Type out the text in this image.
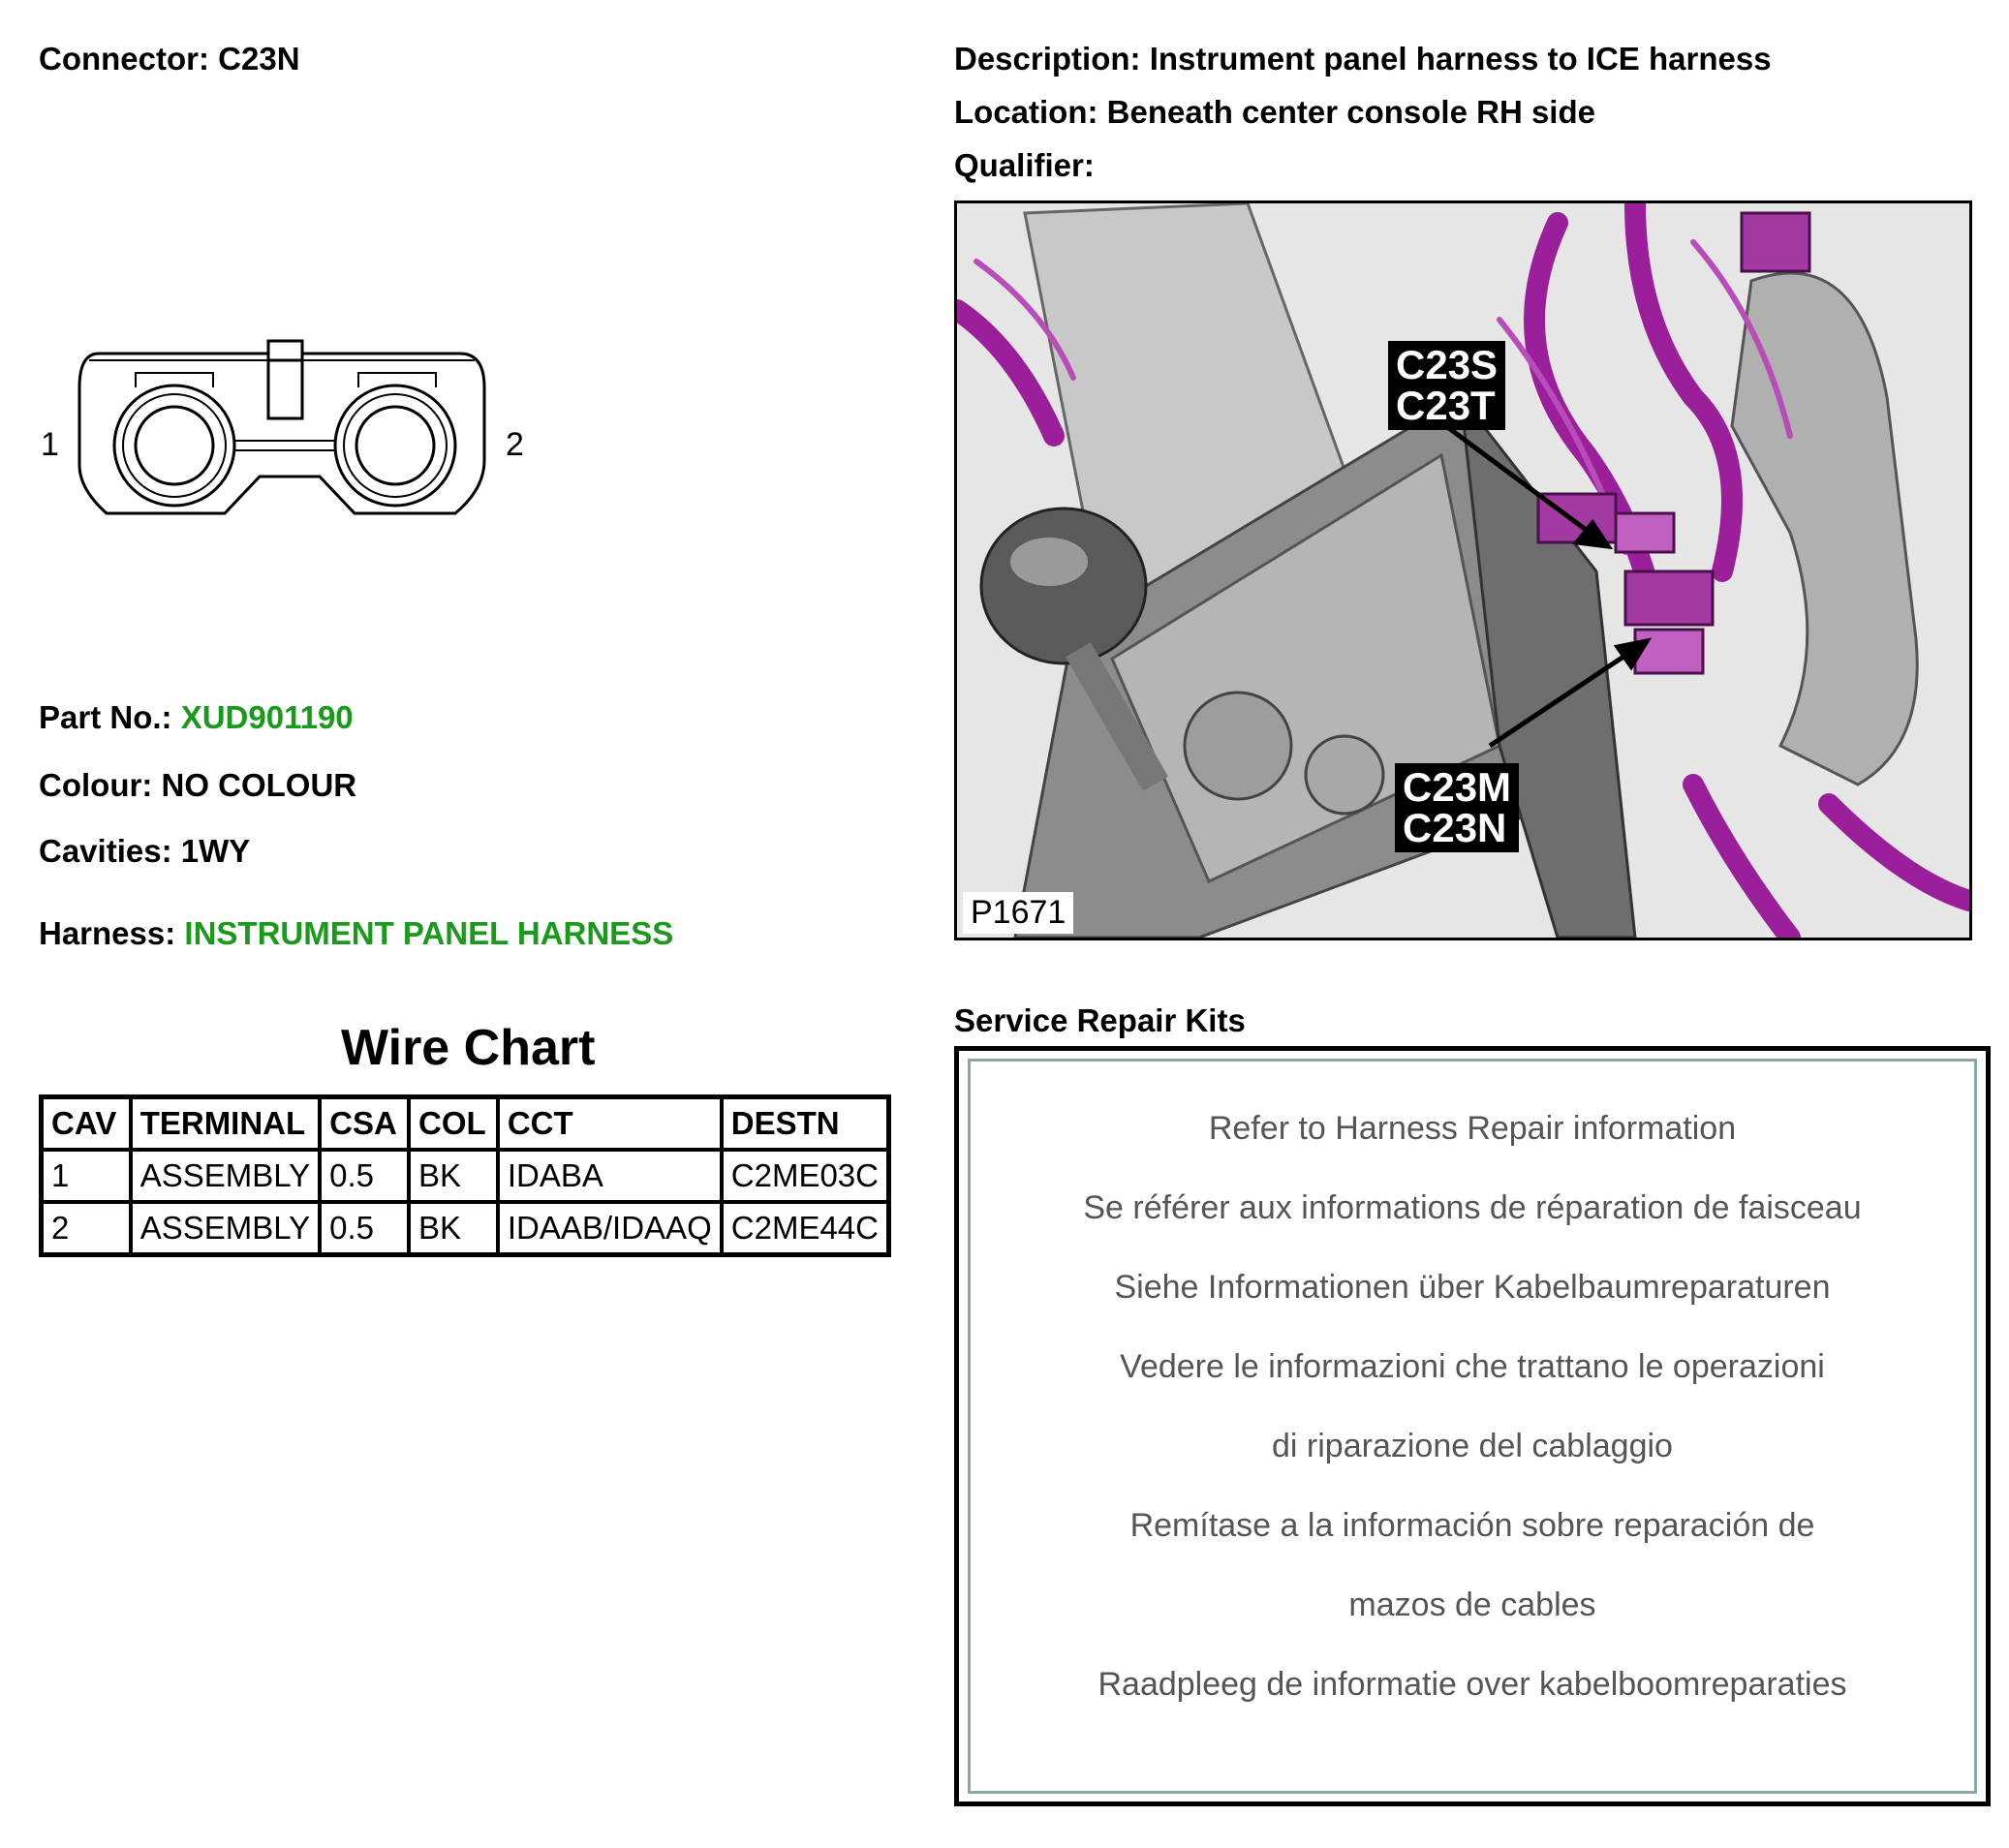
Connector: C23N
1	2
Part No.: XUD901190
Colour: NO COLOUR
Cavities: 1WY
Harness: INSTRUMENT PANEL HARNESS
Wire Chart
CAV	TERMINAL	CSA	COL	CCT	DESTN
1	ASSEMBLY	0.5	BK	IDABA	C2ME03C
2	ASSEMBLY	0.5	BK	IDAAB/IDAAQ	C2ME44C
Description: Instrument panel harness to ICE harness
Location: Beneath center console RH side
Qualifier:
C23S
C23T
C23M
C23N
P1671
Service Repair Kits
Refer to Harness Repair information
Se référer aux informations de réparation de faisceau
Siehe Informationen über Kabelbaumreparaturen
Vedere le informazioni che trattano le operazioni
di riparazione del cablaggio
Remítase a la información sobre reparación de
mazos de cables
Raadpleeg de informatie over kabelboomreparaties
